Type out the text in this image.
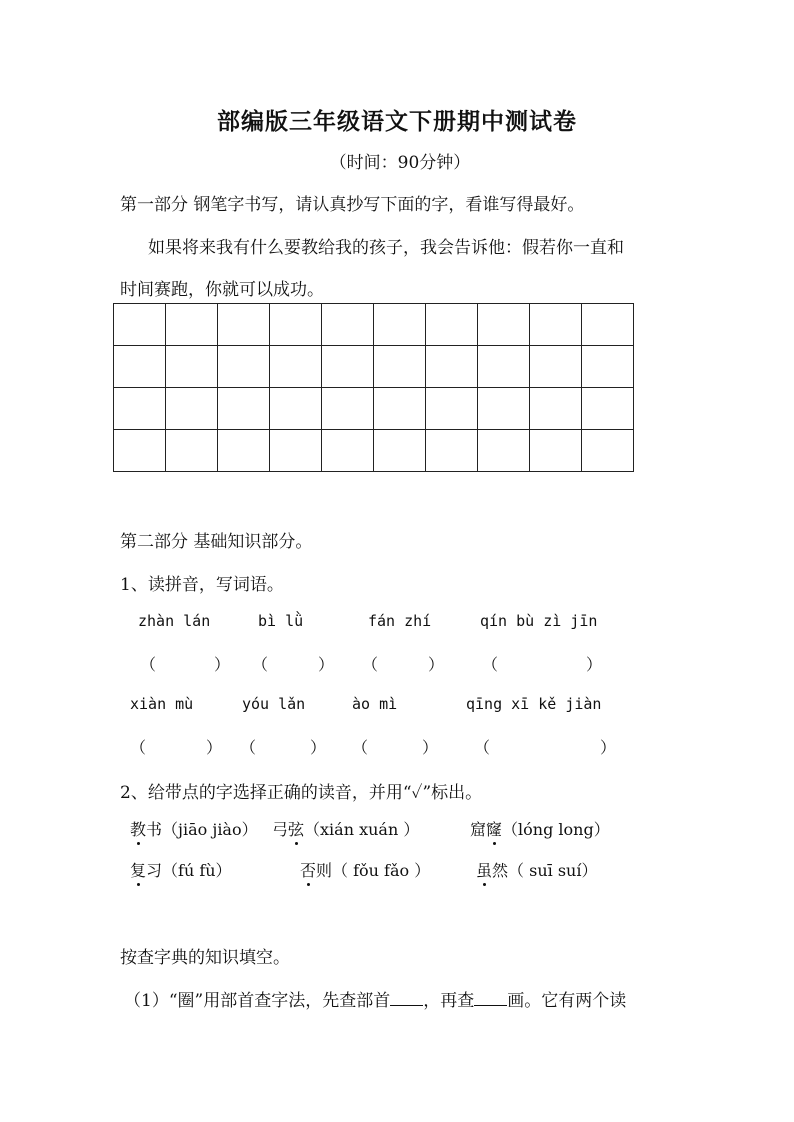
部编版三年级语文下册期中测试卷
（时间：90分钟）
第一部分 钢笔字书写，请认真抄写下面的字，看谁写得最好。
如果将来我有什么要教给我的孩子，我会告诉他：假若你一直和
时间赛跑，你就可以成功。

第二部分 基础知识部分。
1、读拼音，写词语。
zhàn lán	bì lǜ	fán zhí	qín bù zì jīn
（	） （	） （	） （	）
xiàn mù	yóu lǎn	ào mì	qīng xī kě jiàn
（	） （	） （	） （	）
2、给带点的字选择正确的读音，并用“✓”标出。
教书（jiāo jiào） 弓弦（xián xuán ）	窟窿（lóng long）
复习（fú fù）	否则（ fǒu fǎo ）	虽然（ suī suí）
按查字典的知识填空。
（1）“圈”用部首查字法，先查部首 ，再查 画。它有两个读
